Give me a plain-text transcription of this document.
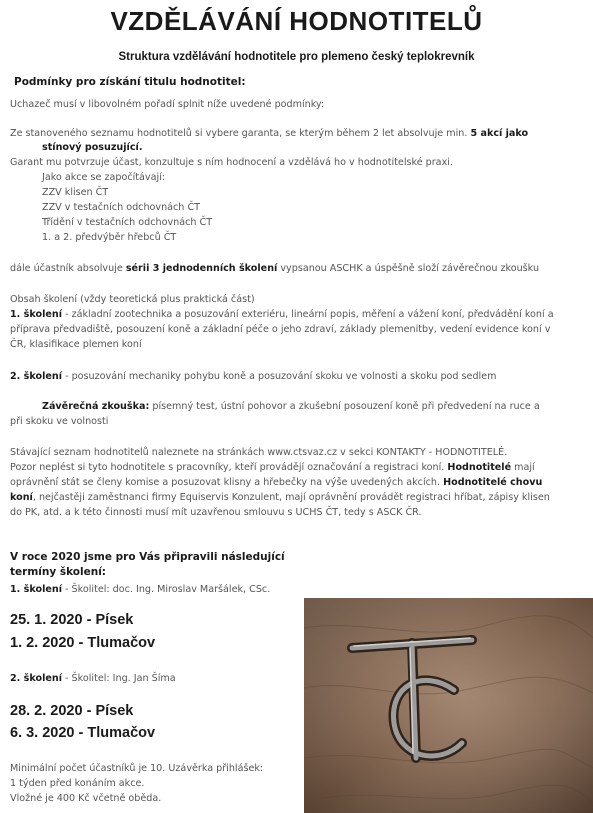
VZDĚLÁVÁNÍ HODNOTITELŮ
Struktura vzdělávání hodnotitele pro plemeno český teplokrevník
Podmínky pro získání titulu hodnotitel:
Uchazeč musí v libovolném pořadí splnit níže uvedené podmínky:
Ze stanoveného seznamu hodnotitelů si vybere garanta, se kterým během 2 let absolvuje min. 5 akcí jako
stínový posuzující.
Garant mu potvrzuje účast, konzultuje s ním hodnocení a vzdělává ho v hodnotitelské praxi.
Jako akce se započítávají:
ZZV klisen ČT
ZZV v testačních odchovnách ČT
Třídění v testačních odchovnách ČT
1. a 2. předvýběr hřebců ČT
dále účastník absolvuje sérii 3 jednodenních školení vypsanou ASCHK a úspěšně složí závěrečnou zkoušku
Obsah školení (vždy teoretická plus praktická část)
1. školení - základní zootechnika a posuzování exteriéru, lineární popis, měření a vážení koní, předvádění koní a
příprava předvadiště, posouzení koně a základní péče o jeho zdraví, základy plemenitby, vedení evidence koní v
ČR, klasifikace plemen koní
2. školení - posuzování mechaniky pohybu koně a posuzování skoku ve volnosti a skoku pod sedlem
Závěrečná zkouška: písemný test, ústní pohovor a zkušební posouzení koně při předvedení na ruce a
při skoku ve volnosti
Stávající seznam hodnotitelů naleznete na stránkách www.ctsvaz.cz v sekci KONTAKTY - HODNOTITELÉ.
Pozor neplést si tyto hodnotitele s pracovníky, kteří provádějí označování a registraci koní. Hodnotitelé mají
oprávnění stát se členy komise a posuzovat klisny a hřebečky na výše uvedených akcích. Hodnotitelé chovu
koní, nejčastěji zaměstnanci firmy Equiservis Konzulent, mají oprávnění provádět registraci hříbat, zápisy klisen
do PK, atd. a k této činnosti musí mít uzavřenou smlouvu s UCHS ČT, tedy s ASCK ČR.
V roce 2020 jsme pro Vás připravili následující
termíny školení:
1. školení - Školitel: doc. Ing. Miroslav Maršálek, CSc.
25. 1. 2020 - Písek
1. 2. 2020 - Tlumačov
2. školení - Školitel: Ing. Jan Šíma
28. 2. 2020 - Písek
6. 3. 2020 - Tlumačov
Minimální počet účastníků je 10. Uzávěrka přihlášek:
1 týden před konáním akce.
Vložné je 400 Kč včetně oběda.
